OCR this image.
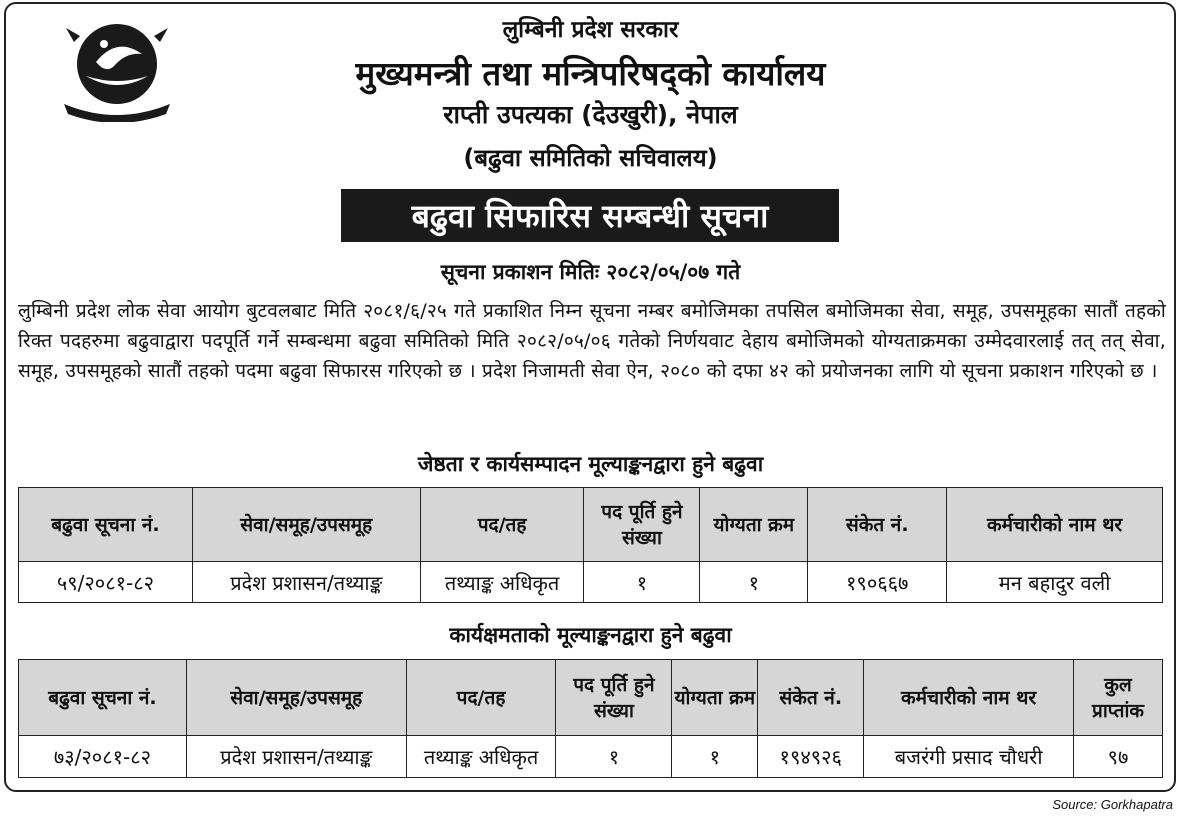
लुम्बिनी प्रदेश सरकार
मुख्यमन्त्री तथा मन्त्रिपरिषद्को कार्यालय
राप्ती उपत्यका (देउखुरी), नेपाल
(बढुवा समितिको सचिवालय)
बढुवा सिफारिस सम्बन्धी सूचना
सूचना प्रकाशन मितिः २०८२/०५/०७ गते
लुम्बिनी प्रदेश लोक सेवा आयोग बुटवलबाट मिति २०८१/६/२५ गते प्रकाशित निम्न सूचना नम्बर बमोजिमका तपसिल बमोजिमका सेवा, समूह, उपसमूहका सातौं तहको रिक्त पदहरुमा बढुवाद्वारा पदपूर्ति गर्ने सम्बन्धमा बढुवा समितिको मिति २०८२/०५/०६ गतेको निर्णयवाट देहाय बमोजिमको योग्यताक्रमका उम्मेदवारलाई तत् तत् सेवा, समूह, उपसमूहको सातौं तहको पदमा बढुवा सिफारस गरिएको छ । प्रदेश निजामती सेवा ऐन, २०८० को दफा ४२ को प्रयोजनका लागि यो सूचना प्रकाशन गरिएको छ ।
जेष्ठता र कार्यसम्पादन मूल्याङ्कनद्वारा हुने बढुवा
बढुवा सूचना नं.	सेवा/समूह/उपसमूह	पद/तह	पद पूर्ति हुने संख्या	योग्यता क्रम	संकेत नं.	कर्मचारीको नाम थर
५९/२०८१-८२	प्रदेश प्रशासन/तथ्याङ्क	तथ्याङ्क अधिकृत	१	१	१९०६६७	मन बहादुर वली
कार्यक्षमताको मूल्याङ्कनद्वारा हुने बढुवा
बढुवा सूचना नं.	सेवा/समूह/उपसमूह	पद/तह	पद पूर्ति हुने संख्या	योग्यता क्रम	संकेत नं.	कर्मचारीको नाम थर	कुल प्राप्तांक
७३/२०८१-८२	प्रदेश प्रशासन/तथ्याङ्क	तथ्याङ्क अधिकृत	१	१	१९४९२६	बजरंगी प्रसाद चौधरी	९७
Source: Gorkhapatra
